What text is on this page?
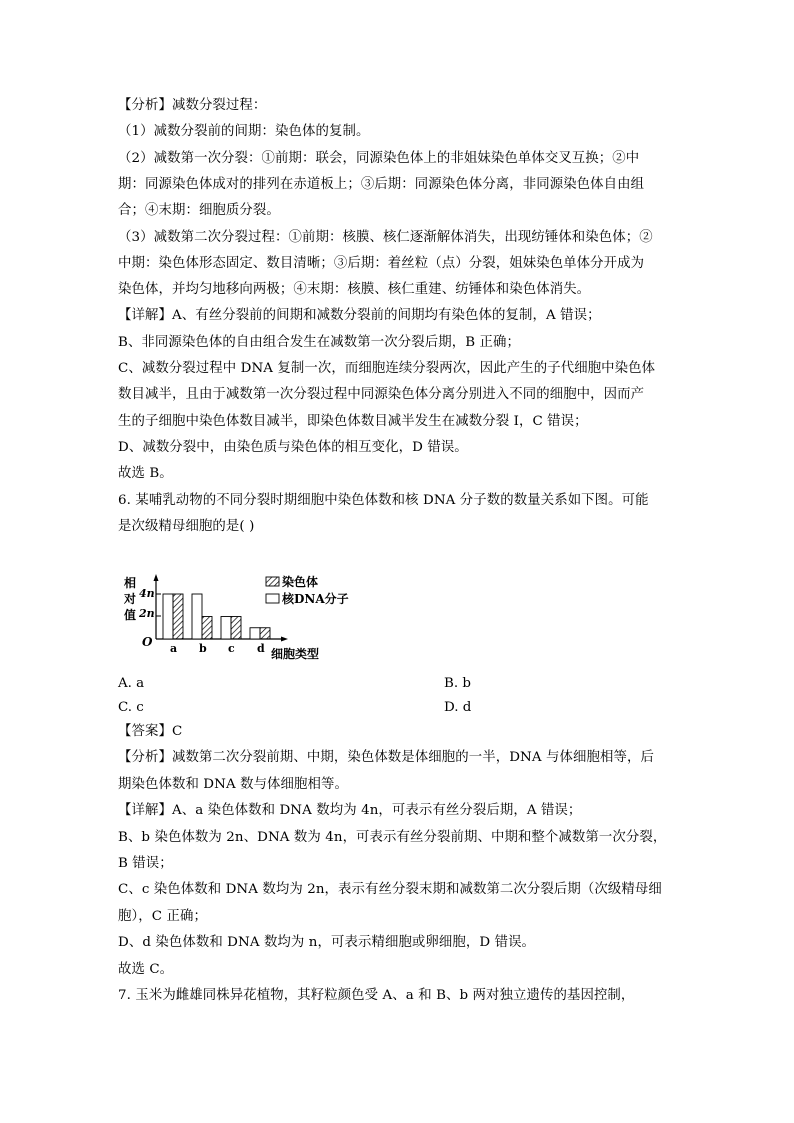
【分析】减数分裂过程：
（1）减数分裂前的间期：染色体的复制。
（2）减数第一次分裂：①前期：联会，同源染色体上的非姐妹染色单体交叉互换；②中
期：同源染色体成对的排列在赤道板上；③后期：同源染色体分离，非同源染色体自由组
合；④末期：细胞质分裂。
（3）减数第二次分裂过程：①前期：核膜、核仁逐渐解体消失，出现纺锤体和染色体；②
中期：染色体形态固定、数目清晰；③后期：着丝粒（点）分裂，姐妹染色单体分开成为
染色体，并均匀地移向两极；④末期：核膜、核仁重建、纺锤体和染色体消失。
【详解】A、有丝分裂前的间期和减数分裂前的间期均有染色体的复制，A 错误；
B、非同源染色体的自由组合发生在减数第一次分裂后期，B 正确；
C、减数分裂过程中 DNA 复制一次，而细胞连续分裂两次，因此产生的子代细胞中染色体
数目减半，且由于减数第一次分裂过程中同源染色体分离分别进入不同的细胞中，因而产
生的子细胞中染色体数目减半，即染色体数目减半发生在减数分裂 I，C 错误；
D、减数分裂中，由染色质与染色体的相互变化，D 错误。
故选 B。
6. 某哺乳动物的不同分裂时期细胞中染色体数和核 DNA 分子数的数量关系如下图。可能
是次级精母细胞的是( )
相
对
值
4n
2n
O a b c d 细胞类型
染色体
核DNA分子
A. a	B. b
C. c	D. d
【答案】C
【分析】减数第二次分裂前期、中期，染色体数是体细胞的一半，DNA 与体细胞相等，后
期染色体数和 DNA 数与体细胞相等。
【详解】A、a 染色体数和 DNA 数均为 4n，可表示有丝分裂后期，A 错误；
B、b 染色体数为 2n、DNA 数为 4n，可表示有丝分裂前期、中期和整个减数第一次分裂，
B 错误；
C、c 染色体数和 DNA 数均为 2n，表示有丝分裂末期和减数第二次分裂后期（次级精母细
胞），C 正确；
D、d 染色体数和 DNA 数均为 n，可表示精细胞或卵细胞，D 错误。
故选 C。
7. 玉米为雌雄同株异花植物，其籽粒颜色受 A、a 和 B、b 两对独立遗传的基因控制，
